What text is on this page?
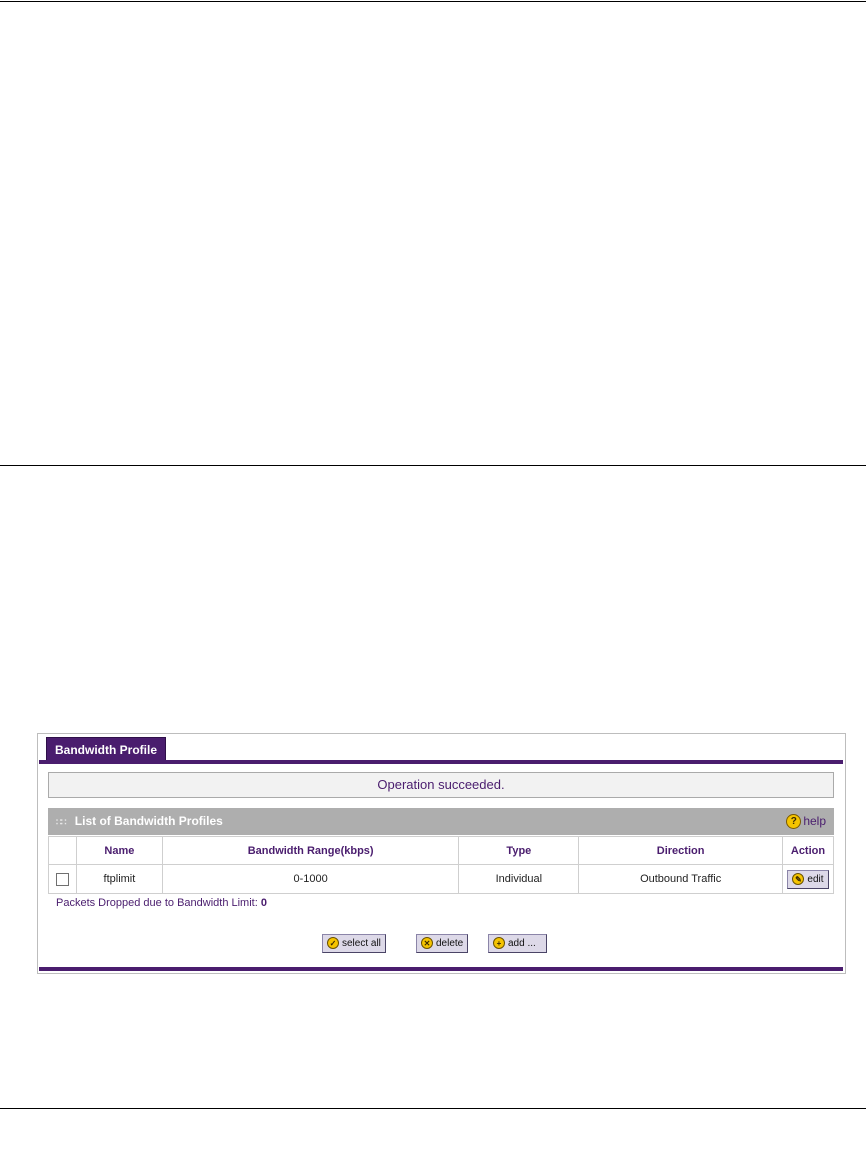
Bandwidth Profile
Operation succeeded.
∷∷ List of Bandwidth Profiles	? help
	Name	Bandwidth Range(kbps)	Type	Direction	Action
	ftplimit	0-1000	Individual	Outbound Traffic	✎ edit
Packets Dropped due to Bandwidth Limit: 0
✓ select all	✕ delete	+ add ...
